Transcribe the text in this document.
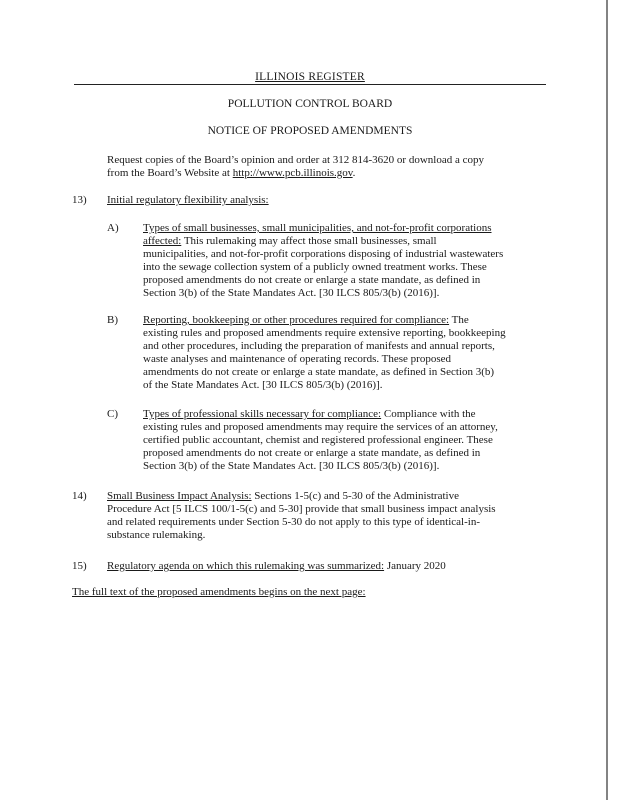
ILLINOIS REGISTER
POLLUTION CONTROL BOARD
NOTICE OF PROPOSED AMENDMENTS
Request copies of the Board’s opinion and order at 312 814-3620 or download a copy
from the Board’s Website at http://www.pcb.illinois.gov.
13) Initial regulatory flexibility analysis:
A) Types of small businesses, small municipalities, and not-for-profit corporations
affected: This rulemaking may affect those small businesses, small
municipalities, and not-for-profit corporations disposing of industrial wastewaters
into the sewage collection system of a publicly owned treatment works. These
proposed amendments do not create or enlarge a state mandate, as defined in
Section 3(b) of the State Mandates Act. [30 ILCS 805/3(b) (2016)].
B) Reporting, bookkeeping or other procedures required for compliance: The
existing rules and proposed amendments require extensive reporting, bookkeeping
and other procedures, including the preparation of manifests and annual reports,
waste analyses and maintenance of operating records. These proposed
amendments do not create or enlarge a state mandate, as defined in Section 3(b)
of the State Mandates Act. [30 ILCS 805/3(b) (2016)].
C) Types of professional skills necessary for compliance: Compliance with the
existing rules and proposed amendments may require the services of an attorney,
certified public accountant, chemist and registered professional engineer. These
proposed amendments do not create or enlarge a state mandate, as defined in
Section 3(b) of the State Mandates Act. [30 ILCS 805/3(b) (2016)].
14) Small Business Impact Analysis: Sections 1-5(c) and 5-30 of the Administrative
Procedure Act [5 ILCS 100/1-5(c) and 5-30] provide that small business impact analysis
and related requirements under Section 5-30 do not apply to this type of identical-in-
substance rulemaking.
15) Regulatory agenda on which this rulemaking was summarized: January 2020
The full text of the proposed amendments begins on the next page:
